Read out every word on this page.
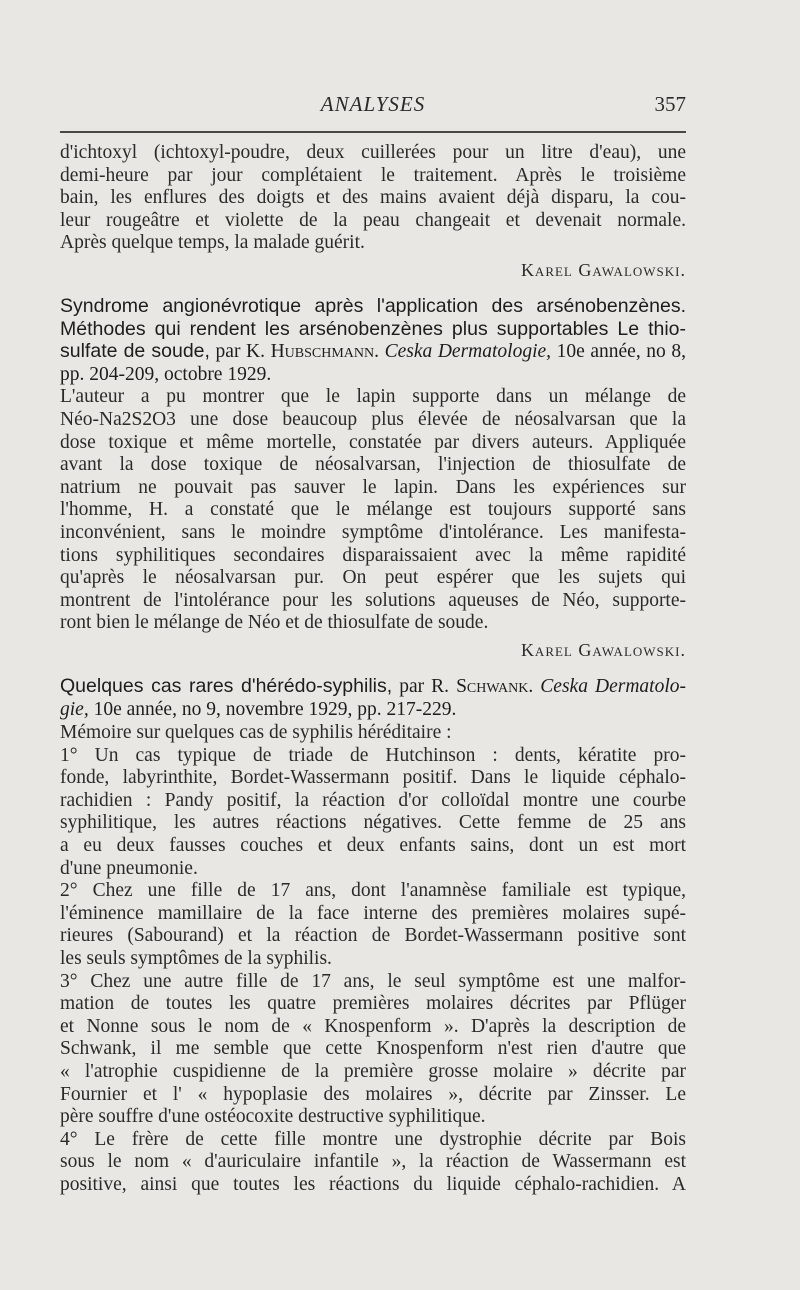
ANALYSES	357

d'ichtoxyl (ichtoxyl-poudre, deux cuillerées pour un litre d'eau), une

demi-heure par jour complétaient le traitement. Après le troisième

bain, les enflures des doigts et des mains avaient déjà disparu, la cou-

leur rougeâtre et violette de la peau changeait et devenait normale.

Après quelque temps, la malade guérit.

Karel Gawalowski.

Syndrome angionévrotique après l'application des arsénobenzènes.

Méthodes qui rendent les arsénobenzènes plus supportables Le thio-

sulfate de soude, par K. Hubschmann. Ceska Dermatologie, 10e année, no 8,

pp. 204-209, octobre 1929.

L'auteur a pu montrer que le lapin supporte dans un mélange de

Néo-Na2S2O3 une dose beaucoup plus élevée de néosalvarsan que la

dose toxique et même mortelle, constatée par divers auteurs. Appliquée

avant la dose toxique de néosalvarsan, l'injection de thiosulfate de

natrium ne pouvait pas sauver le lapin. Dans les expériences sur

l'homme, H. a constaté que le mélange est toujours supporté sans

inconvénient, sans le moindre symptôme d'intolérance. Les manifesta-

tions syphilitiques secondaires disparaissaient avec la même rapidité

qu'après le néosalvarsan pur. On peut espérer que les sujets qui

montrent de l'intolérance pour les solutions aqueuses de Néo, supporte-

ront bien le mélange de Néo et de thiosulfate de soude.

Karel Gawalowski.

Quelques cas rares d'hérédo-syphilis, par R. Schwank. Ceska Dermatolo-

gie, 10e année, no 9, novembre 1929, pp. 217-229.

Mémoire sur quelques cas de syphilis héréditaire :

1° Un cas typique de triade de Hutchinson : dents, kératite pro-

fonde, labyrinthite, Bordet-Wassermann positif. Dans le liquide céphalo-

rachidien : Pandy positif, la réaction d'or colloïdal montre une courbe

syphilitique, les autres réactions négatives. Cette femme de 25 ans

a eu deux fausses couches et deux enfants sains, dont un est mort

d'une pneumonie.

2° Chez une fille de 17 ans, dont l'anamnèse familiale est typique,

l'éminence mamillaire de la face interne des premières molaires supé-

rieures (Sabourand) et la réaction de Bordet-Wassermann positive sont

les seuls symptômes de la syphilis.

3° Chez une autre fille de 17 ans, le seul symptôme est une malfor-

mation de toutes les quatre premières molaires décrites par Pflüger

et Nonne sous le nom de « Knospenform ». D'après la description de

Schwank, il me semble que cette Knospenform n'est rien d'autre que

« l'atrophie cuspidienne de la première grosse molaire » décrite par

Fournier et l' « hypoplasie des molaires », décrite par Zinsser. Le

père souffre d'une ostéocoxite destructive syphilitique.

4° Le frère de cette fille montre une dystrophie décrite par Bois

sous le nom « d'auriculaire infantile », la réaction de Wassermann est

positive, ainsi que toutes les réactions du liquide céphalo-rachidien. A
